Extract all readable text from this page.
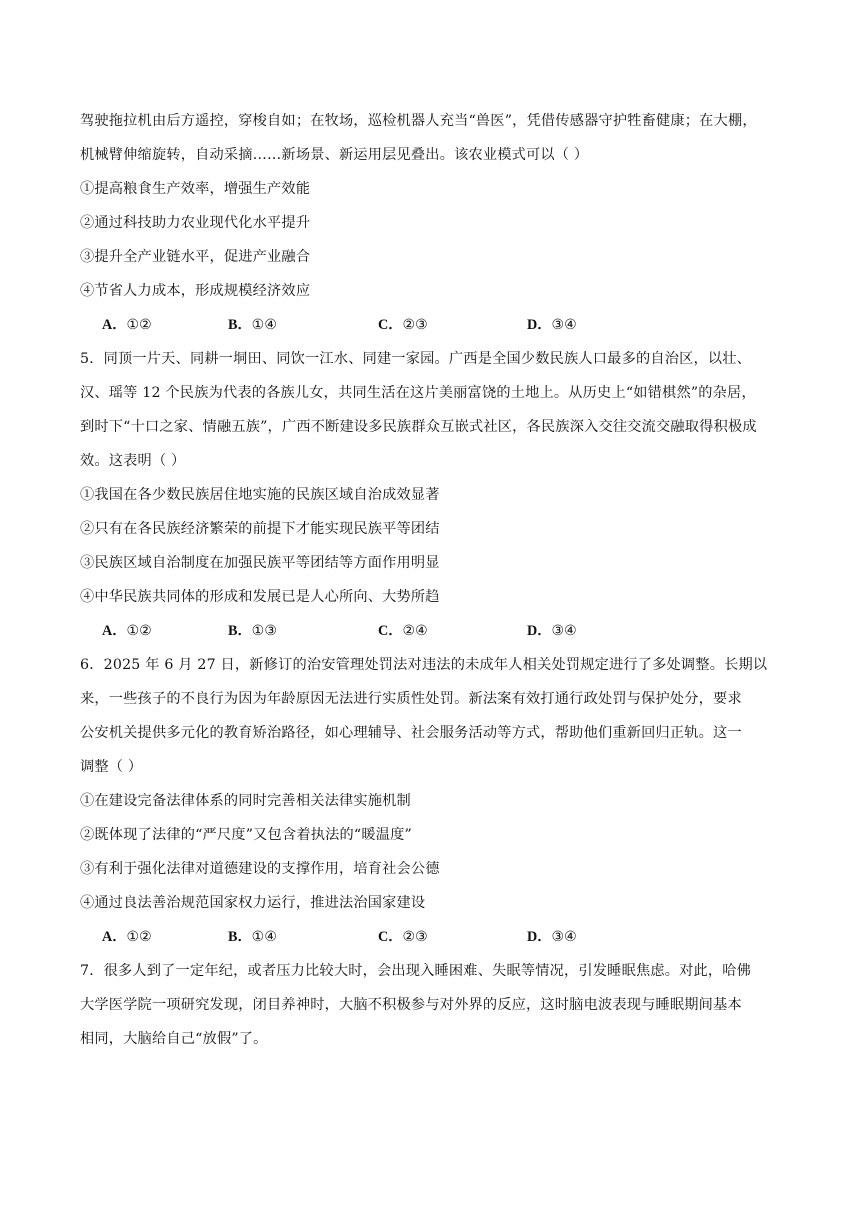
驾驶拖拉机由后方遥控，穿梭自如；在牧场，巡检机器人充当“兽医”，凭借传感器守护牲畜健康；在大棚，
机械臂伸缩旋转，自动采摘……新场景、新运用层见叠出。该农业模式可以（ ）
①提高粮食生产效率，增强生产效能
②通过科技助力农业现代化水平提升
③提升全产业链水平，促进产业融合
④节省人力成本，形成规模经济效应
A．①②	B．①④	C．②③	D．③④
5．同顶一片天、同耕一垌田、同饮一江水、同建一家园。广西是全国少数民族人口最多的自治区，以壮、
汉、瑶等 12 个民族为代表的各族儿女，共同生活在这片美丽富饶的土地上。从历史上“如错棋然”的杂居，
到时下“十口之家、情融五族”，广西不断建设多民族群众互嵌式社区，各民族深入交往交流交融取得积极成
效。这表明（ ）
①我国在各少数民族居住地实施的民族区域自治成效显著
②只有在各民族经济繁荣的前提下才能实现民族平等团结
③民族区域自治制度在加强民族平等团结等方面作用明显
④中华民族共同体的形成和发展已是人心所向、大势所趋
A．①②	B．①③	C．②④	D．③④
6．2025 年 6 月 27 日，新修订的治安管理处罚法对违法的未成年人相关处罚规定进行了多处调整。长期以
来，一些孩子的不良行为因为年龄原因无法进行实质性处罚。新法案有效打通行政处罚与保护处分，要求
公安机关提供多元化的教育矫治路径，如心理辅导、社会服务活动等方式，帮助他们重新回归正轨。这一
调整（ ）
①在建设完备法律体系的同时完善相关法律实施机制
②既体现了法律的“严尺度”又包含着执法的“暖温度”
③有利于强化法律对道德建设的支撑作用，培育社会公德
④通过良法善治规范国家权力运行，推进法治国家建设
A．①②	B．①④	C．②③	D．③④
7．很多人到了一定年纪，或者压力比较大时，会出现入睡困难、失眠等情况，引发睡眠焦虑。对此，哈佛
大学医学院一项研究发现，闭目养神时，大脑不积极参与对外界的反应，这时脑电波表现与睡眠期间基本
相同，大脑给自己“放假”了。
